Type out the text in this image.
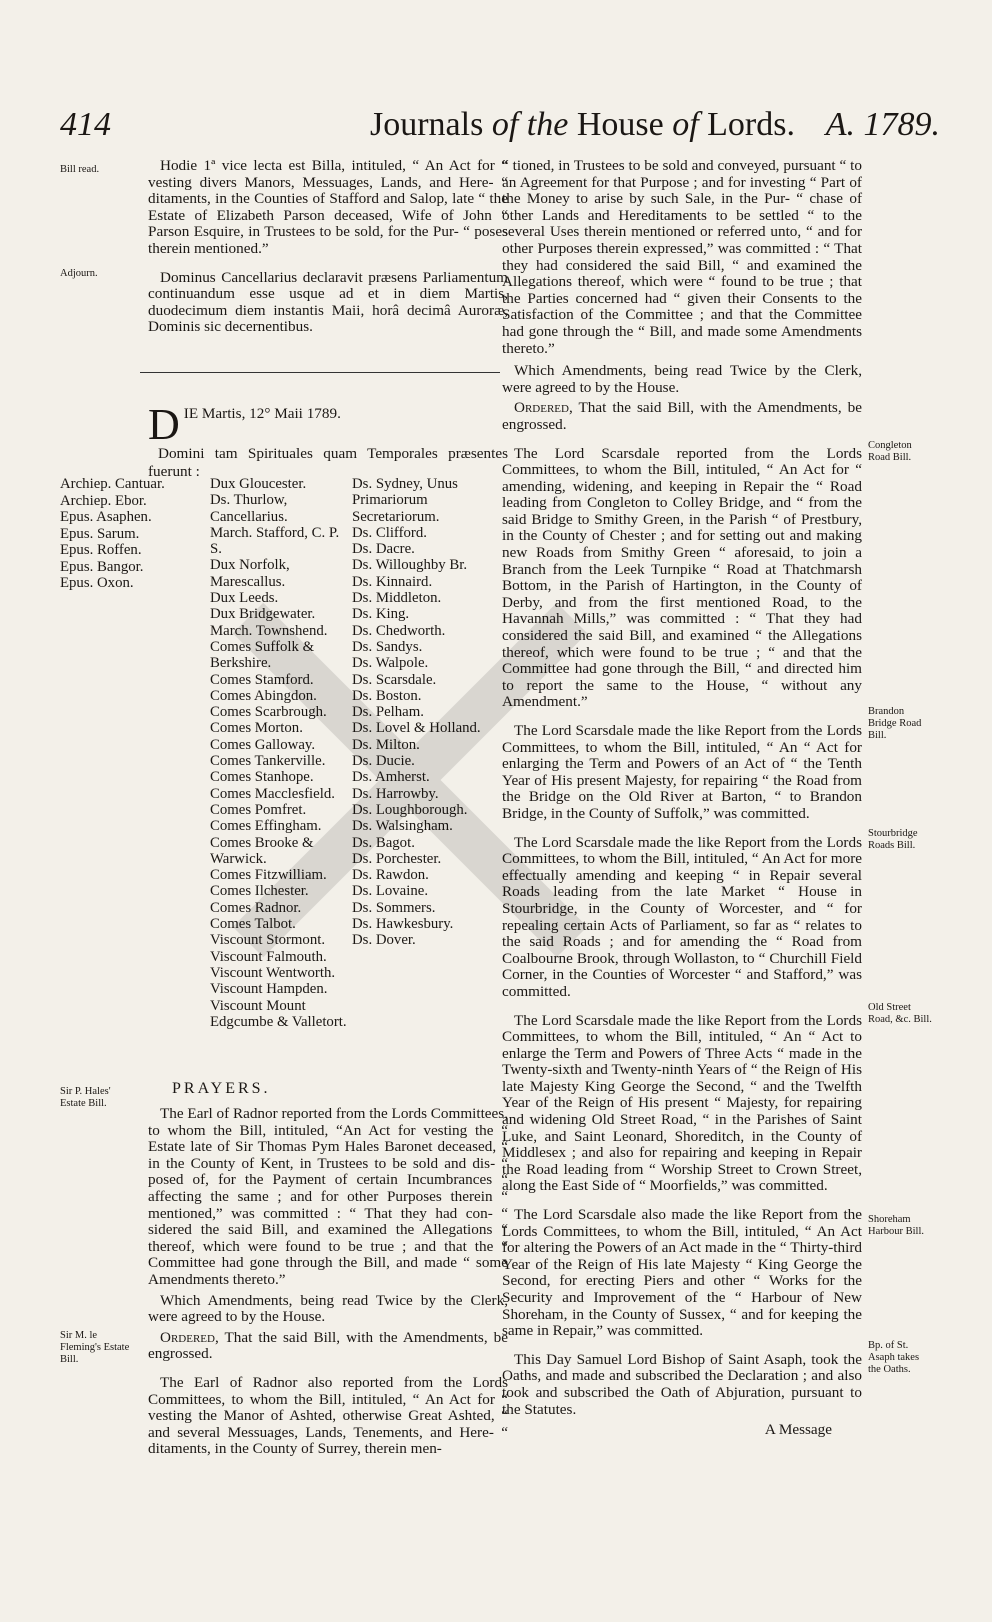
414	Journals of the House of Lords. A. 1789.
Bill read.
Adjourn.
Sir P. Hales' Estate Bill.
Sir M. le Fleming's Estate Bill.
Congleton Road Bill.
Brandon Bridge Road Bill.
Stourbridge Roads Bill.
Old Street Road, &c. Bill.
Shoreham Harbour Bill.
Bp. of St. Asaph takes the Oaths.

Hodie 1ª vice lecta est Billa, intituled, “ An Act for “ vesting divers Manors, Messuages, Lands, and Here- “ ditaments, in the Counties of Stafford and Salop, late “ the Estate of Elizabeth Parson deceased, Wife of John “ Parson Esquire, in Trustees to be sold, for the Pur- “ poses therein mentioned.”

Dominus Cancellarius declaravit præsens Parliamentum continuandum esse usque ad et in diem Martis, duodecimum diem instantis Maii, horâ decimâ Auroræ, Dominis sic decernentibus.

D IE Martis, 12° Maii 1789.
Domini tam Spirituales quam Temporales præsentes fuerunt :
Archiep. Cantuar.
Archiep. Ebor.
Epus. Asaphen.
Epus. Sarum.
Epus. Roffen.
Epus. Bangor.
Epus. Oxon.
Dux Gloucester.
Ds. Thurlow, Cancellarius.
March. Stafford, C. P. S.
Dux Norfolk, Marescallus.
Dux Leeds.
Dux Bridgewater.
March. Townshend.
Comes Suffolk & Berkshire.
Comes Stamford.
Comes Abingdon.
Comes Scarbrough.
Comes Morton.
Comes Galloway.
Comes Tankerville.
Comes Stanhope.
Comes Macclesfield.
Comes Pomfret.
Comes Effingham.
Comes Brooke & Warwick.
Comes Fitzwilliam.
Comes Ilchester.
Comes Radnor.
Comes Talbot.
Viscount Stormont.
Viscount Falmouth.
Viscount Wentworth.
Viscount Hampden.
Viscount Mount Edgcumbe & Valletort.
Ds. Sydney, Unus Primariorum Secretariorum.
Ds. Clifford.
Ds. Dacre.
Ds. Willoughby Br.
Ds. Kinnaird.
Ds. Middleton.
Ds. King.
Ds. Chedworth.
Ds. Sandys.
Ds. Walpole.
Ds. Scarsdale.
Ds. Boston.
Ds. Pelham.
Ds. Lovel & Holland.
Ds. Milton.
Ds. Ducie.
Ds. Amherst.
Ds. Harrowby.
Ds. Loughborough.
Ds. Walsingham.
Ds. Bagot.
Ds. Porchester.
Ds. Rawdon.
Ds. Lovaine.
Ds. Sommers.
Ds. Hawkesbury.
Ds. Dover.
PRAYERS.

The Earl of Radnor reported from the Lords Committees, to whom the Bill, intituled, “An Act for vesting the “ Estate late of Sir Thomas Pym Hales Baronet deceased, “ in the County of Kent, in Trustees to be sold and dis- “ posed of, for the Payment of certain Incumbrances “ affecting the same ; and for other Purposes therein “ mentioned,” was committed : “ That they had con- “ sidered the said Bill, and examined the Allegations “ thereof, which were found to be true ; and that the “ Committee had gone through the Bill, and made “ some Amendments thereto.”

Which Amendments, being read Twice by the Clerk, were agreed to by the House.

Ordered, That the said Bill, with the Amendments, be engrossed.

The Earl of Radnor also reported from the Lords Committees, to whom the Bill, intituled, “ An Act for “ vesting the Manor of Ashted, otherwise Great Ashted, “ and several Messuages, Lands, Tenements, and Here- “ ditaments, in the County of Surrey, therein men-

“ tioned, in Trustees to be sold and conveyed, pursuant “ to an Agreement for that Purpose ; and for investing “ Part of the Money to arise by such Sale, in the Pur- “ chase of other Lands and Hereditaments to be settled “ to the several Uses therein mentioned or referred unto, “ and for other Purposes therein expressed,” was committed : “ That they had considered the said Bill, “ and examined the Allegations thereof, which were “ found to be true ; that the Parties concerned had “ given their Consents to the Satisfaction of the Committee ; and that the Committee had gone through the “ Bill, and made some Amendments thereto.”

Which Amendments, being read Twice by the Clerk, were agreed to by the House.

Ordered, That the said Bill, with the Amendments, be engrossed.

The Lord Scarsdale reported from the Lords Committees, to whom the Bill, intituled, “ An Act for “ amending, widening, and keeping in Repair the “ Road leading from Congleton to Colley Bridge, and “ from the said Bridge to Smithy Green, in the Parish “ of Prestbury, in the County of Chester ; and for setting out and making new Roads from Smithy Green “ aforesaid, to join a Branch from the Leek Turnpike “ Road at Thatchmarsh Bottom, in the Parish of Hartington, in the County of Derby, and from the first mentioned Road, to the Havannah Mills,” was committed : “ That they had considered the said Bill, and examined “ the Allegations thereof, which were found to be true ; “ and that the Committee had gone through the Bill, “ and directed him to report the same to the House, “ without any Amendment.”

The Lord Scarsdale made the like Report from the Lords Committees, to whom the Bill, intituled, “ An “ Act for enlarging the Term and Powers of an Act of “ the Tenth Year of His present Majesty, for repairing “ the Road from the Bridge on the Old River at Barton, “ to Brandon Bridge, in the County of Suffolk,” was committed.

The Lord Scarsdale made the like Report from the Lords Committees, to whom the Bill, intituled, “ An Act for more effectually amending and keeping “ in Repair several Roads leading from the late Market “ House in Stourbridge, in the County of Worcester, and “ for repealing certain Acts of Parliament, so far as “ relates to the said Roads ; and for amending the “ Road from Coalbourne Brook, through Wollaston, to “ Churchill Field Corner, in the Counties of Worcester “ and Stafford,” was committed.

The Lord Scarsdale made the like Report from the Lords Committees, to whom the Bill, intituled, “ An “ Act to enlarge the Term and Powers of Three Acts “ made in the Twenty-sixth and Twenty-ninth Years of “ the Reign of His late Majesty King George the Second, “ and the Twelfth Year of the Reign of His present “ Majesty, for repairing and widening Old Street Road, “ in the Parishes of Saint Luke, and Saint Leonard, Shoreditch, in the County of Middlesex ; and also for repairing and keeping in Repair the Road leading from “ Worship Street to Crown Street, along the East Side of “ Moorfields,” was committed.

The Lord Scarsdale also made the like Report from the Lords Committees, to whom the Bill, intituled, “ An Act for altering the Powers of an Act made in the “ Thirty-third Year of the Reign of His late Majesty “ King George the Second, for erecting Piers and other “ Works for the Security and Improvement of the “ Harbour of New Shoreham, in the County of Sussex, “ and for keeping the same in Repair,” was committed.

This Day Samuel Lord Bishop of Saint Asaph, took the Oaths, and made and subscribed the Declaration ; and also took and subscribed the Oath of Abjuration, pursuant to the Statutes.

A Message
